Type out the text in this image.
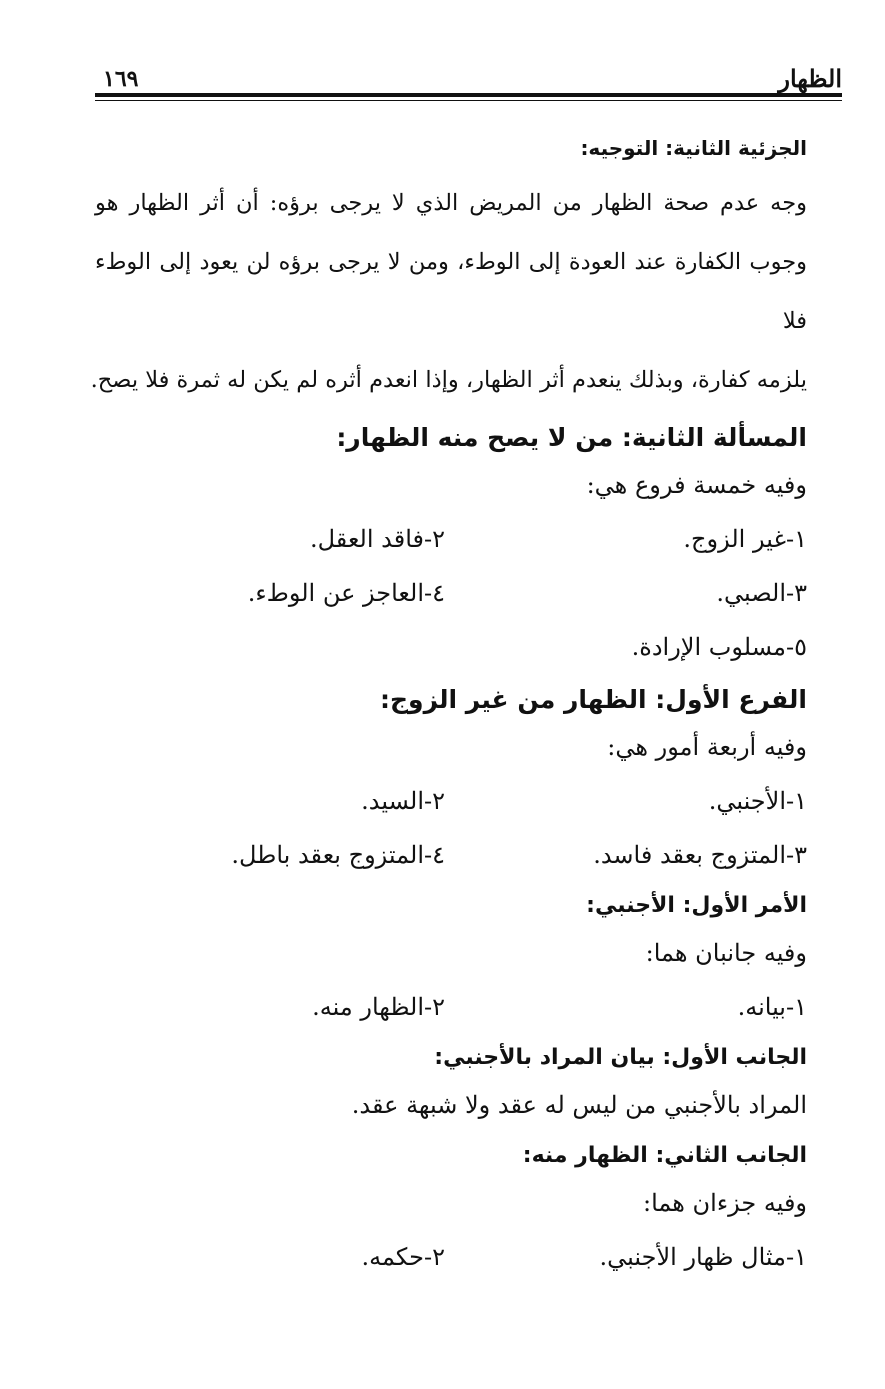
الظهار
١٦٩

الجزئية الثانية: التوجيه:

وجه عدم صحة الظهار من المريض الذي لا يرجى برؤه: أن أثر الظهار هو
وجوب الكفارة عند العودة إلى الوطء، ومن لا يرجى برؤه لن يعود إلى الوطء فلا
يلزمه كفارة، وبذلك ينعدم أثر الظهار، وإذا انعدم أثره لم يكن له ثمرة فلا يصح.

المسألة الثانية: من لا يصح منه الظهار:

وفيه خمسة فروع هي:
١-غير الزوج.
٢-فاقد العقل.
٣-الصبي.
٤-العاجز عن الوطء.
٥-مسلوب الإرادة.

الفرع الأول: الظهار من غير الزوج:

وفيه أربعة أمور هي:
١-الأجنبي.
٢-السيد.
٣-المتزوج بعقد فاسد.
٤-المتزوج بعقد باطل.

الأمر الأول: الأجنبي:

وفيه جانبان هما:
١-بيانه.
٢-الظهار منه.

الجانب الأول: بيان المراد بالأجنبي:

المراد بالأجنبي من ليس له عقد ولا شبهة عقد.

الجانب الثاني: الظهار منه:

وفيه جزءان هما:
١-مثال ظهار الأجنبي.
٢-حكمه.
